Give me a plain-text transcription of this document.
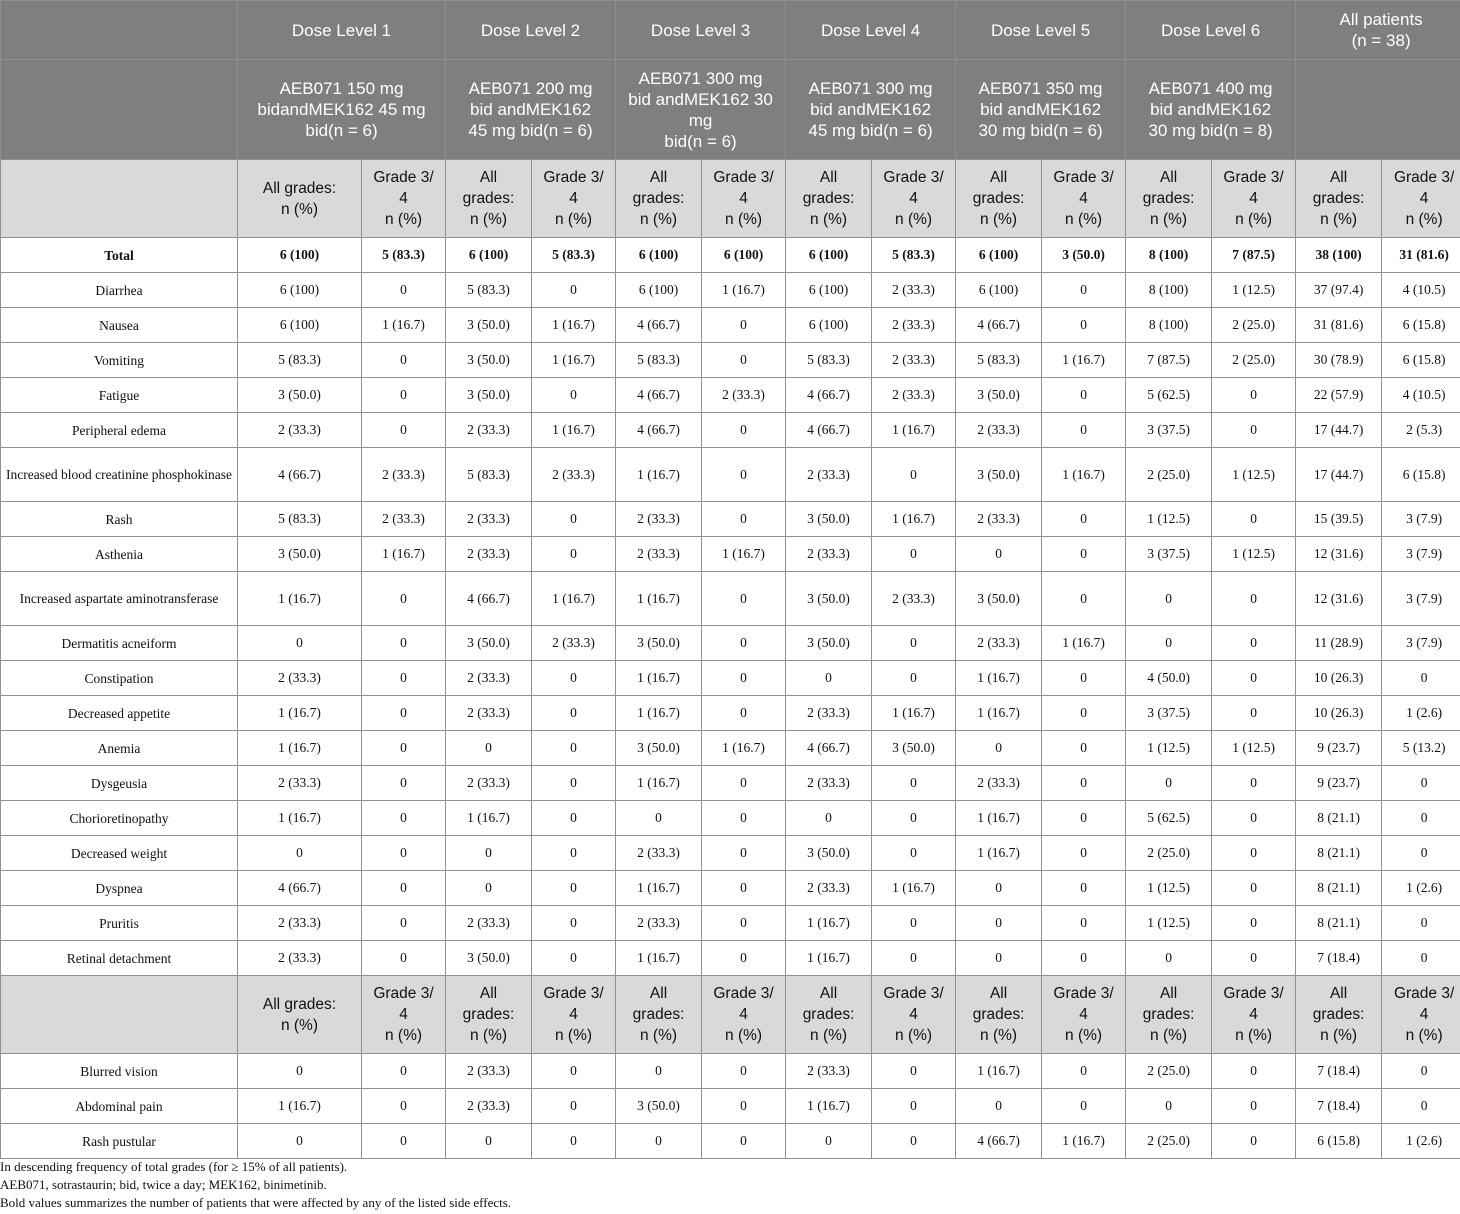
	Dose Level 1		Dose Level 2		Dose Level 3		Dose Level 4		Dose Level 5		Dose Level 6		All patients
(n = 38)	
	AEB071 150 mg
bidandMEK162 45 mg
bid(n = 6)		AEB071 200 mg
bid andMEK162
45 mg bid(n = 6)		AEB071 300 mg
bid andMEK162 30
mg
bid(n = 6)		AEB071 300 mg
bid andMEK162
45 mg bid(n = 6)		AEB071 350 mg
bid andMEK162
30 mg bid(n = 6)		AEB071 400 mg
bid andMEK162
30 mg bid(n = 8)			
	All grades:
n (%)	Grade 3/
4
n (%)	All
grades:
n (%)	Grade 3/
4
n (%)	All
grades:
n (%)	Grade 3/
4
n (%)	All
grades:
n (%)	Grade 3/
4
n (%)	All
grades:
n (%)	Grade 3/
4
n (%)	All
grades:
n (%)	Grade 3/
4
n (%)	All
grades:
n (%)	Grade 3/
4
n (%)
Total	6 (100)	5 (83.3)	6 (100)	5 (83.3)	6 (100)	6 (100)	6 (100)	5 (83.3)	6 (100)	3 (50.0)	8 (100)	7 (87.5)	38 (100)	31 (81.6)
Diarrhea	6 (100)	0	5 (83.3)	0	6 (100)	1 (16.7)	6 (100)	2 (33.3)	6 (100)	0	8 (100)	1 (12.5)	37 (97.4)	4 (10.5)
Nausea	6 (100)	1 (16.7)	3 (50.0)	1 (16.7)	4 (66.7)	0	6 (100)	2 (33.3)	4 (66.7)	0	8 (100)	2 (25.0)	31 (81.6)	6 (15.8)
Vomiting	5 (83.3)	0	3 (50.0)	1 (16.7)	5 (83.3)	0	5 (83.3)	2 (33.3)	5 (83.3)	1 (16.7)	7 (87.5)	2 (25.0)	30 (78.9)	6 (15.8)
Fatigue	3 (50.0)	0	3 (50.0)	0	4 (66.7)	2 (33.3)	4 (66.7)	2 (33.3)	3 (50.0)	0	5 (62.5)	0	22 (57.9)	4 (10.5)
Peripheral edema	2 (33.3)	0	2 (33.3)	1 (16.7)	4 (66.7)	0	4 (66.7)	1 (16.7)	2 (33.3)	0	3 (37.5)	0	17 (44.7)	2 (5.3)
Increased blood creatinine phosphokinase	4 (66.7)	2 (33.3)	5 (83.3)	2 (33.3)	1 (16.7)	0	2 (33.3)	0	3 (50.0)	1 (16.7)	2 (25.0)	1 (12.5)	17 (44.7)	6 (15.8)
Rash	5 (83.3)	2 (33.3)	2 (33.3)	0	2 (33.3)	0	3 (50.0)	1 (16.7)	2 (33.3)	0	1 (12.5)	0	15 (39.5)	3 (7.9)
Asthenia	3 (50.0)	1 (16.7)	2 (33.3)	0	2 (33.3)	1 (16.7)	2 (33.3)	0	0	0	3 (37.5)	1 (12.5)	12 (31.6)	3 (7.9)
Increased aspartate aminotransferase	1 (16.7)	0	4 (66.7)	1 (16.7)	1 (16.7)	0	3 (50.0)	2 (33.3)	3 (50.0)	0	0	0	12 (31.6)	3 (7.9)
Dermatitis acneiform	0	0	3 (50.0)	2 (33.3)	3 (50.0)	0	3 (50.0)	0	2 (33.3)	1 (16.7)	0	0	11 (28.9)	3 (7.9)
Constipation	2 (33.3)	0	2 (33.3)	0	1 (16.7)	0	0	0	1 (16.7)	0	4 (50.0)	0	10 (26.3)	0
Decreased appetite	1 (16.7)	0	2 (33.3)	0	1 (16.7)	0	2 (33.3)	1 (16.7)	1 (16.7)	0	3 (37.5)	0	10 (26.3)	1 (2.6)
Anemia	1 (16.7)	0	0	0	3 (50.0)	1 (16.7)	4 (66.7)	3 (50.0)	0	0	1 (12.5)	1 (12.5)	9 (23.7)	5 (13.2)
Dysgeusia	2 (33.3)	0	2 (33.3)	0	1 (16.7)	0	2 (33.3)	0	2 (33.3)	0	0	0	9 (23.7)	0
Chorioretinopathy	1 (16.7)	0	1 (16.7)	0	0	0	0	0	1 (16.7)	0	5 (62.5)	0	8 (21.1)	0
Decreased weight	0	0	0	0	2 (33.3)	0	3 (50.0)	0	1 (16.7)	0	2 (25.0)	0	8 (21.1)	0
Dyspnea	4 (66.7)	0	0	0	1 (16.7)	0	2 (33.3)	1 (16.7)	0	0	1 (12.5)	0	8 (21.1)	1 (2.6)
Pruritis	2 (33.3)	0	2 (33.3)	0	2 (33.3)	0	1 (16.7)	0	0	0	1 (12.5)	0	8 (21.1)	0
Retinal detachment	2 (33.3)	0	3 (50.0)	0	1 (16.7)	0	1 (16.7)	0	0	0	0	0	7 (18.4)	0
	All grades:
n (%)	Grade 3/
4
n (%)	All
grades:
n (%)	Grade 3/
4
n (%)	All
grades:
n (%)	Grade 3/
4
n (%)	All
grades:
n (%)	Grade 3/
4
n (%)	All
grades:
n (%)	Grade 3/
4
n (%)	All
grades:
n (%)	Grade 3/
4
n (%)	All
grades:
n (%)	Grade 3/
4
n (%)
Blurred vision	0	0	2 (33.3)	0	0	0	2 (33.3)	0	1 (16.7)	0	2 (25.0)	0	7 (18.4)	0
Abdominal pain	1 (16.7)	0	2 (33.3)	0	3 (50.0)	0	1 (16.7)	0	0	0	0	0	7 (18.4)	0
Rash pustular	0	0	0	0	0	0	0	0	4 (66.7)	1 (16.7)	2 (25.0)	0	6 (15.8)	1 (2.6)
In descending frequency of total grades (for ≥ 15% of all patients).
AEB071, sotrastaurin; bid, twice a day; MEK162, binimetinib.
Bold values summarizes the number of patients that were affected by any of the listed side effects.
